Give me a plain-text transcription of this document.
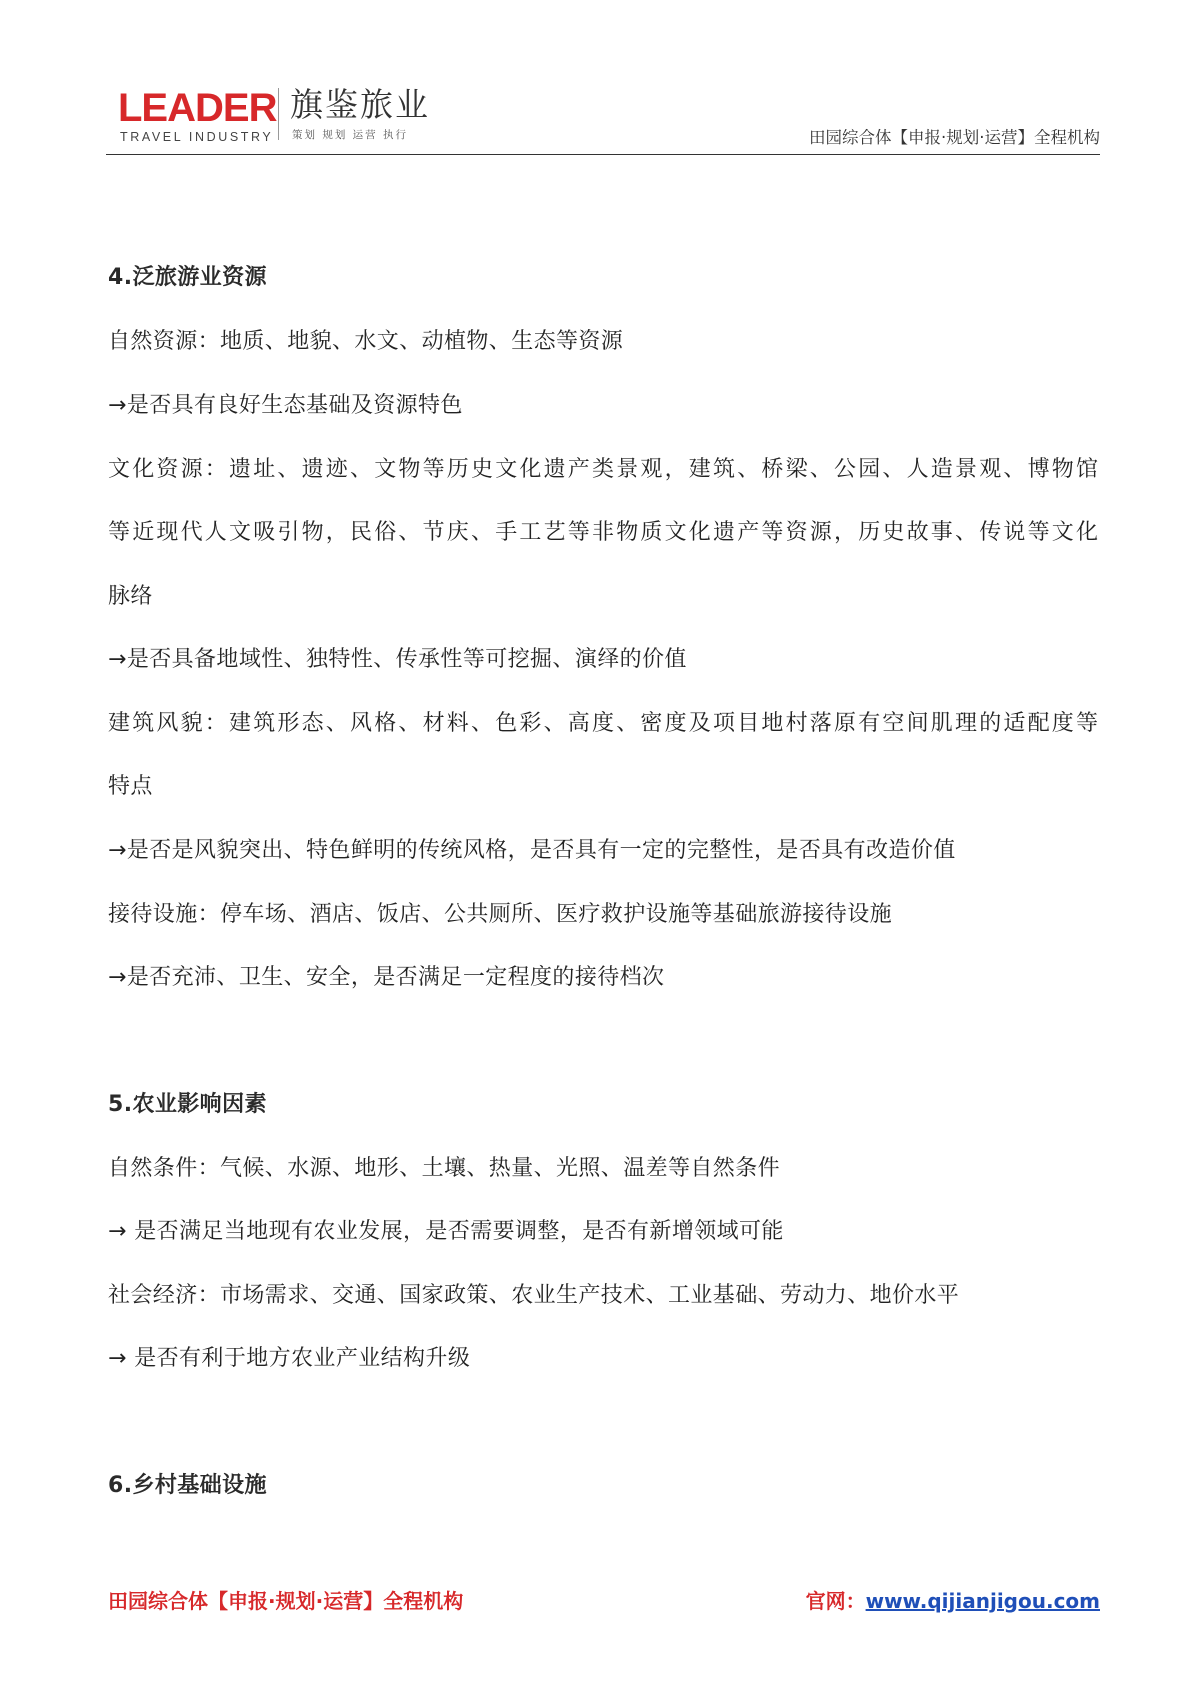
LEADER
TRAVEL INDUSTRY
旗鉴旅业
策划 规划 运营 执行	田园综合体【申报·规划·运营】全程机构
4.泛旅游业资源
自然资源：地质、地貌、水文、动植物、生态等资源
→是否具有良好生态基础及资源特色
文化资源：遗址、遗迹、文物等历史文化遗产类景观，建筑、桥梁、公园、人造景观、博物馆
等近现代人文吸引物，民俗、节庆、手工艺等非物质文化遗产等资源，历史故事、传说等文化
脉络
→是否具备地域性、独特性、传承性等可挖掘、演绎的价值
建筑风貌：建筑形态、风格、材料、色彩、高度、密度及项目地村落原有空间肌理的适配度等
特点
→是否是风貌突出、特色鲜明的传统风格，是否具有一定的完整性，是否具有改造价值
接待设施：停车场、酒店、饭店、公共厕所、医疗救护设施等基础旅游接待设施
→是否充沛、卫生、安全，是否满足一定程度的接待档次
5.农业影响因素
自然条件：气候、水源、地形、土壤、热量、光照、温差等自然条件
→ 是否满足当地现有农业发展，是否需要调整，是否有新增领域可能
社会经济：市场需求、交通、国家政策、农业生产技术、工业基础、劳动力、地价水平
→ 是否有利于地方农业产业结构升级
6.乡村基础设施
田园综合体【申报·规划·运营】全程机构	官网：www.qijianjigou.com
